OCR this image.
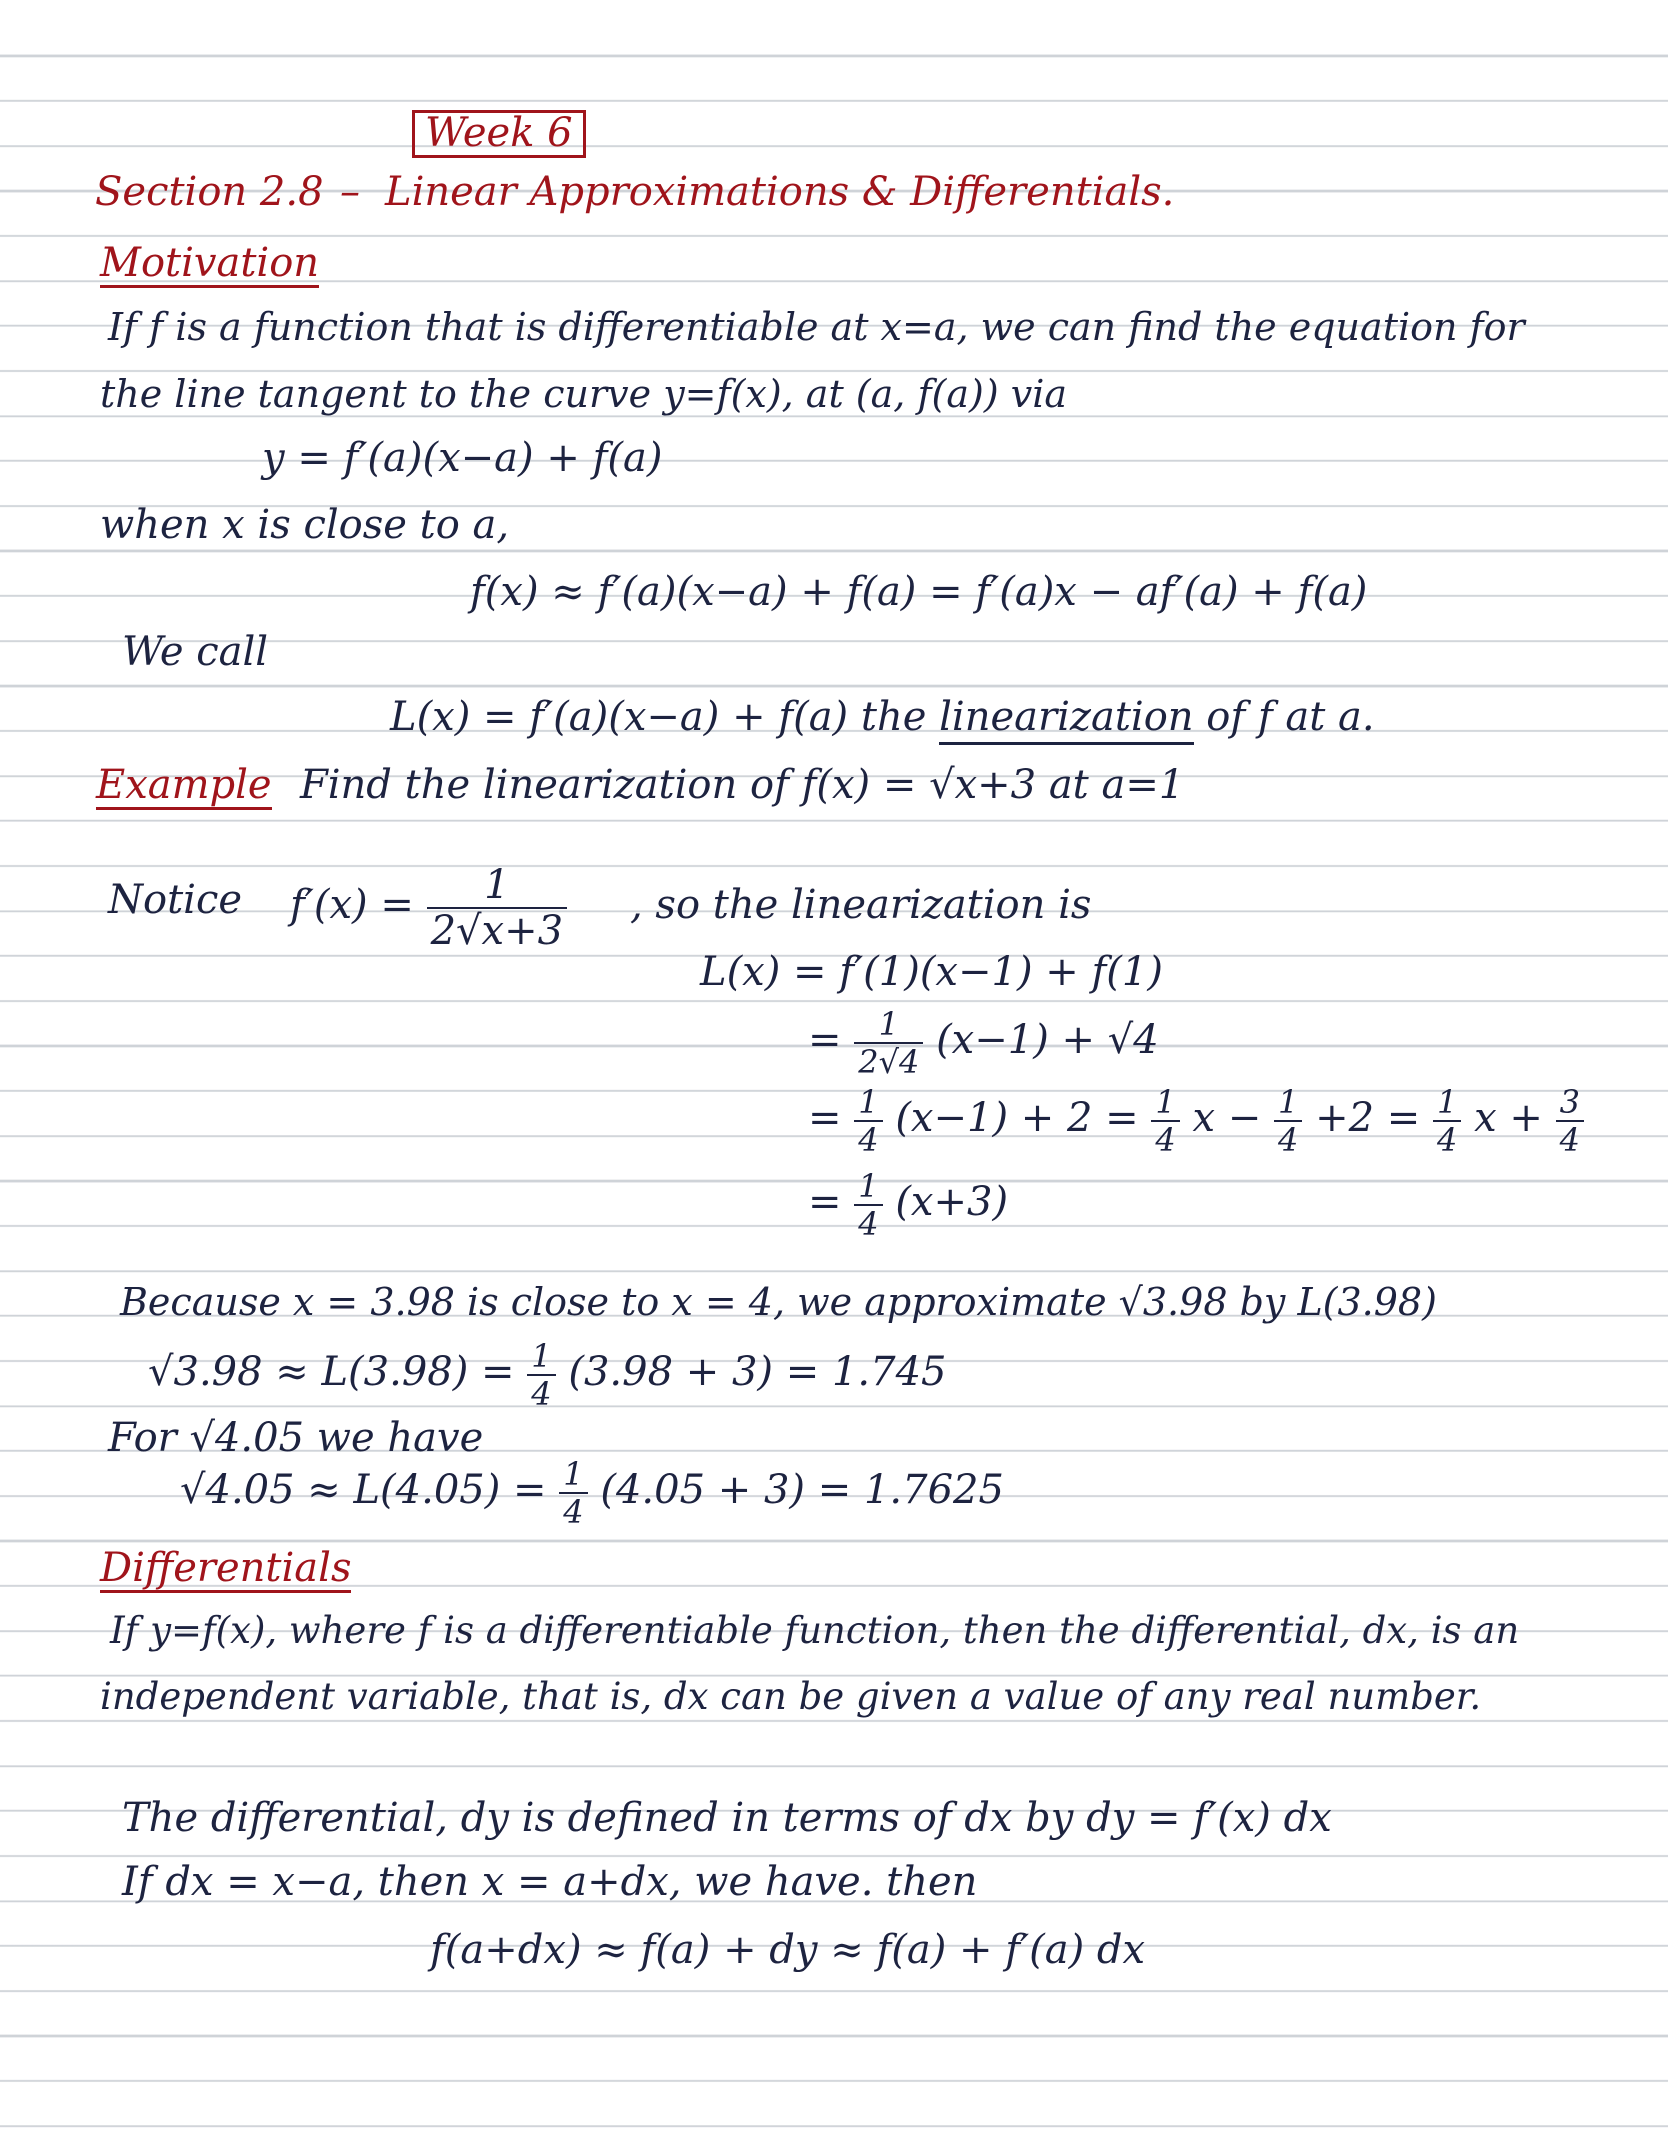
Week 6
Section 2.8 – Linear Approximations & Differentials.
Motivation
If f is a function that is differentiable at x=a, we can find the equation for
the line tangent to the curve y=f(x), at (a, f(a)) via
y = f′(a)(x−a) + f(a)
when x is close to a,
f(x) ≈ f′(a)(x−a) + f(a) = f′(a)x − af′(a) + f(a)
We call
L(x) = f′(a)(x−a) + f(a) the linearization of f at a.
Example Find the linearization of f(x) = √x+3 at a=1
Notice $f'(x) = \frac{1}{2√x+3}$ , so the linearization is
L(x) = f′(1)(x−1) + f(1)
= $\frac{1}{2√4} (x-1) + √4$
= $\frac{1}{4} (x-1) + 2 = \frac{1}{4}$ $x - \frac{1}{4} +2 = \frac{1}{4}$ $x + \frac{3}{4}$
= $\frac{1}{4} (x+3)$
Because x = 3.98 is close to x = 4, we approximate √3.98 by L(3.98)
$√3.98 \approx L(3.98) = \frac{1}{4} (3.98 + 3) = 1.745$
For √4.05 we have
$√4.05 \approx L(4.05) = \frac{1}{4} (4.05 + 3) = 1.7625$
Differentials
If y=f(x), where f is a differentiable function, then the differential, dx, is an
independent variable, that is, dx can be given a value of any real number.
The differential, dy is defined in terms of dx by dy = f′(x) dx
If dx = x−a, then x = a+dx, we have. then
f(a+dx) ≈ f(a) + dy ≈ f(a) + f′(a) dx
